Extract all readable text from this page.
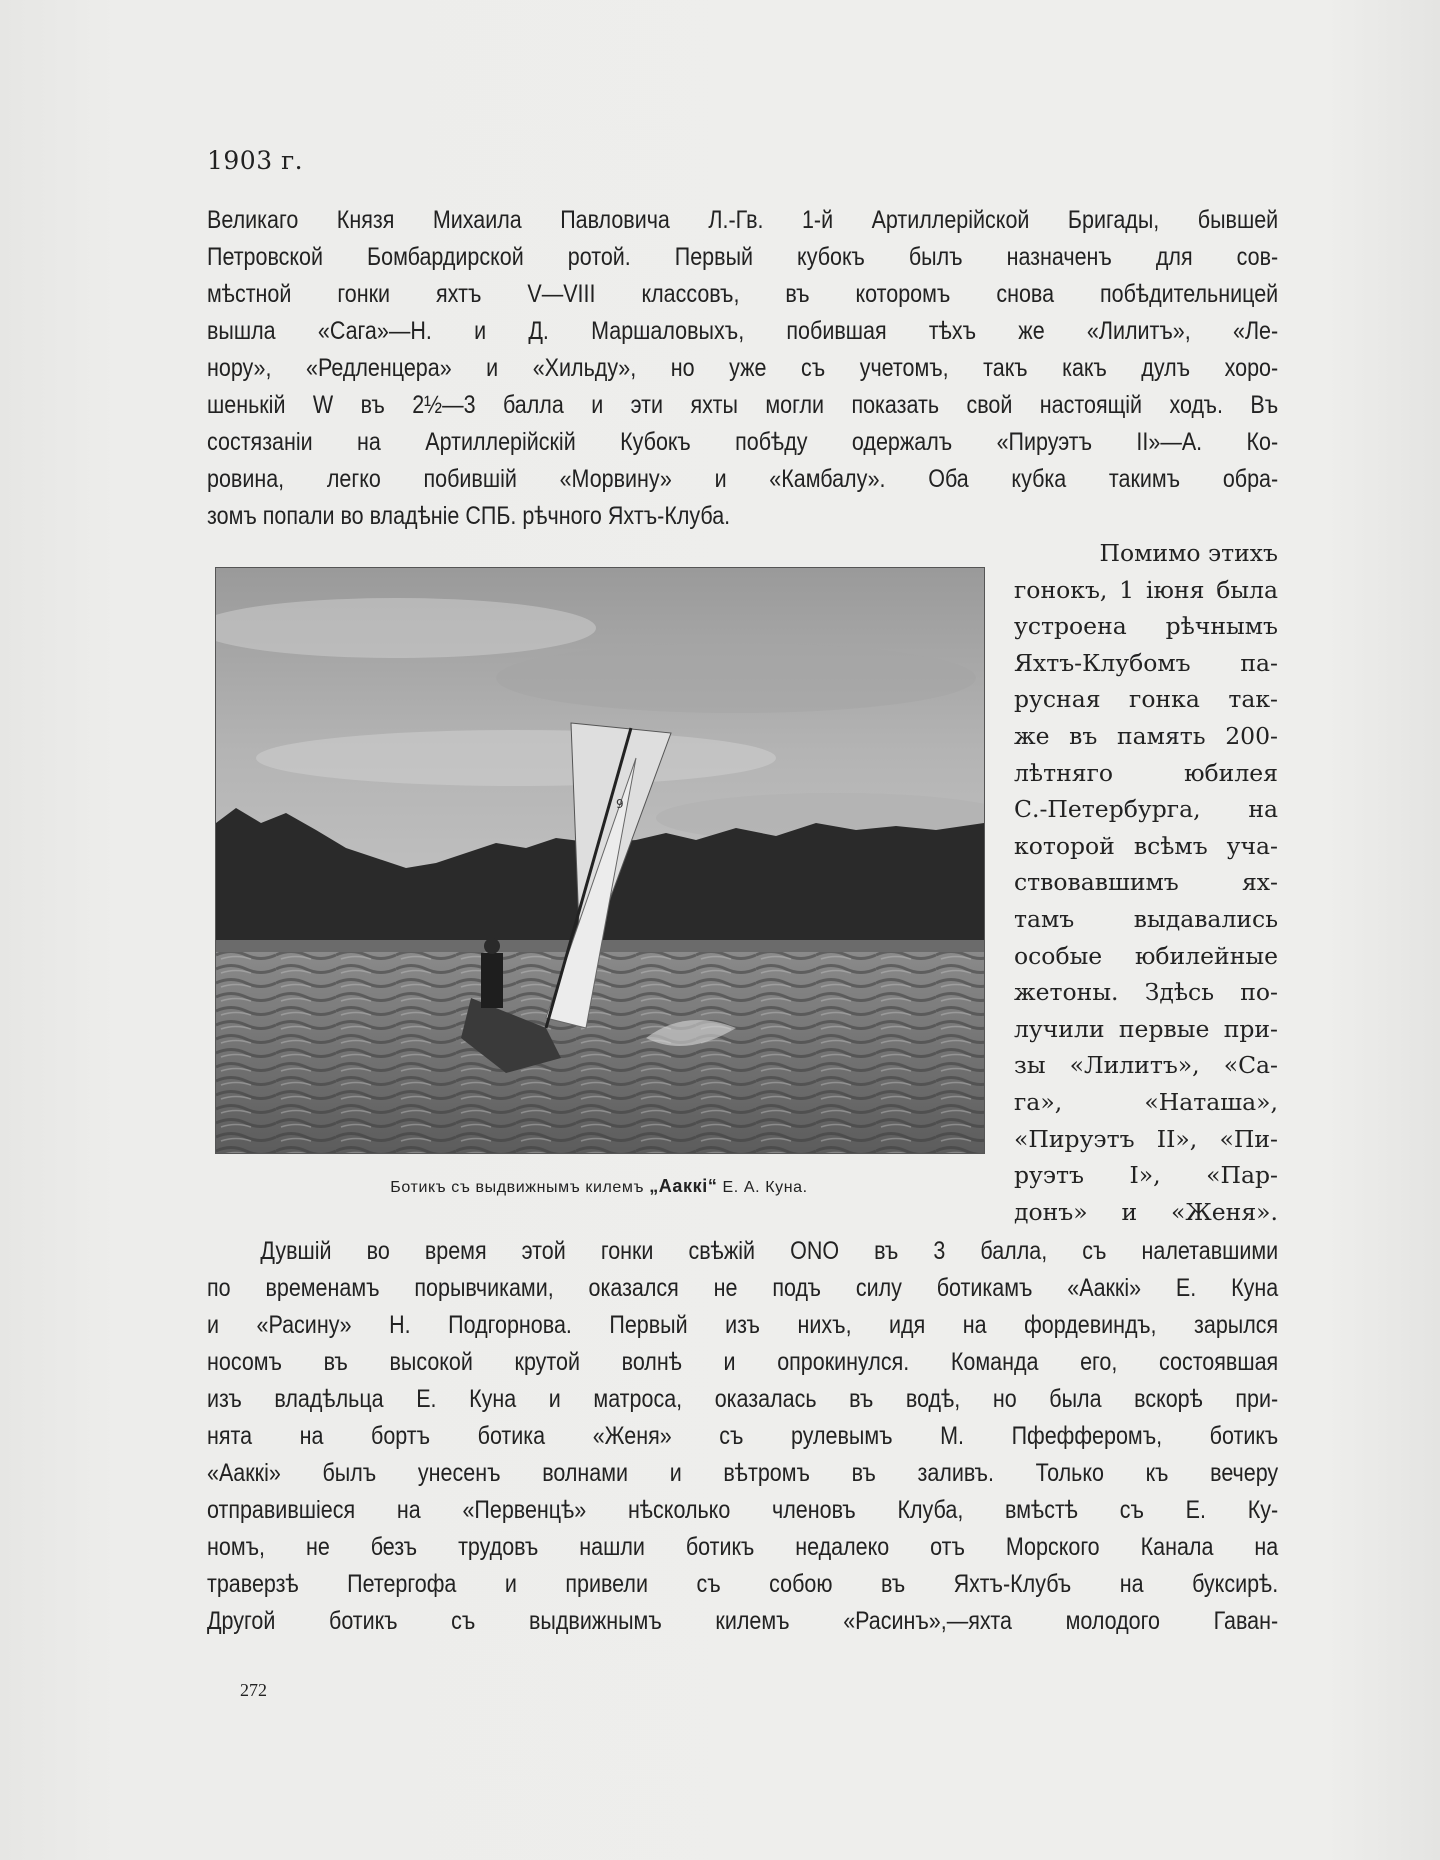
1903 г.
Великаго Князя Михаила Павловича Л.-Гв. 1-й Артиллерiйской Бригады, бывшей
Петровской Бомбардирской ротой. Первый кубокъ былъ назначенъ для сов-
мѣстной гонки яхтъ V—VIII классовъ, въ которомъ снова побѣдительницей
вышла «Сага»—Н. и Д. Маршаловыхъ, побившая тѣхъ же «Лилитъ», «Ле-
нору», «Редленцера» и «Хильду», но уже съ учетомъ, такъ какъ дулъ хоро-
шенькiй W въ 2½—3 балла и эти яхты могли показать свой настоящiй ходъ. Въ
состязанiи на Артиллерiйскiй Кубокъ побѣду одержалъ «Пируэтъ II»—А. Ко-
ровина, легко побившiй «Морвину» и «Камбалу». Оба кубка такимъ обра-
зомъ попали во владѣнiе СПБ. рѣчного Яхтъ-Клуба.
9
Ботикъ съ выдвижнымъ килемъ „Аaккi“ Е. А. Куна.
Помимо этихъ
гонокъ, 1 iюня была
устроена рѣчнымъ
Яхтъ-Клубомъ па-
русная гонка так-
же въ память 200-
лѣтняго юбилея
С.-Петербурга, на
которой всѣмъ уча-
ствовавшимъ ях-
тамъ выдавались
особые юбилейные
жетоны. Здѣсь по-
лучили первые при-
зы «Лилитъ», «Са-
га», «Наташа»,
«Пируэтъ II», «Пи-
руэтъ I», «Пар-
донъ» и «Женя».
Дувшiй во время этой гонки свѣжiй ONO въ 3 балла, съ налетавшими
по временамъ порывчиками, оказался не подъ силу ботикамъ «Аaккi» Е. Куна
и «Расину» Н. Подгорнова. Первый изъ нихъ, идя на фордевиндъ, зарылся
носомъ въ высокой крутой волнѣ и опрокинулся. Команда его, состоявшая
изъ владѣльца Е. Куна и матроса, оказалась въ водѣ, но была вскорѣ при-
нята на бортъ ботика «Женя» съ рулевымъ М. Пфефферомъ, ботикъ
«Аaккi» былъ унесенъ волнами и вѣтромъ въ заливъ. Только къ вечеру
отправившiеся на «Первенцѣ» нѣсколько членовъ Клуба, вмѣстѣ съ Е. Ку-
номъ, не безъ трудовъ нашли ботикъ недалеко отъ Морского Канала на
траверзѣ Петергофа и привели съ собою въ Яхтъ-Клубъ на буксирѣ.
Другой ботикъ съ выдвижнымъ килемъ «Расинъ»,—яхта молодого Гаван-
272
